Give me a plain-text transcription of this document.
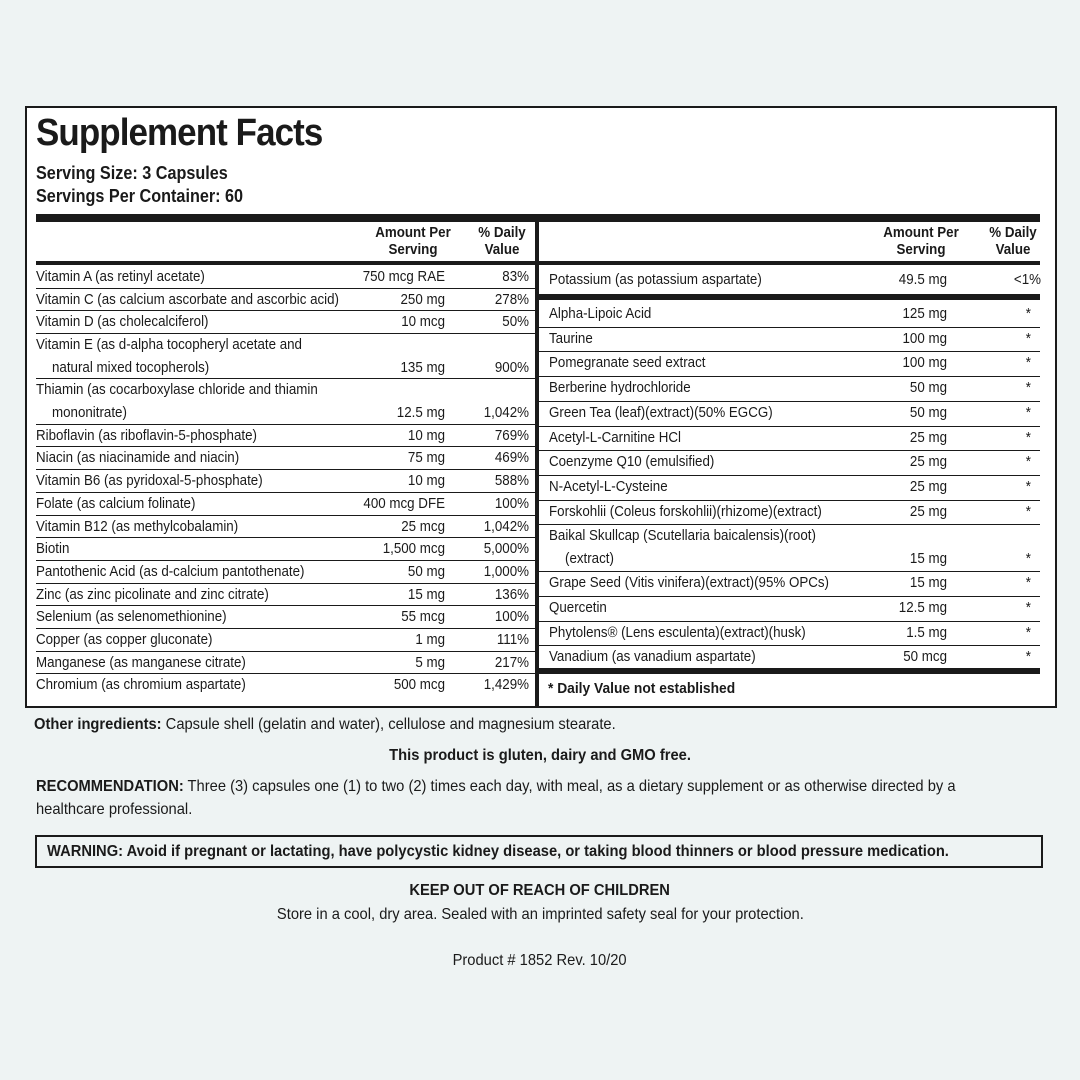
Supplement Facts
Serving Size: 3 Capsules
Servings Per Container: 60
Amount Per
Serving
% Daily
Value
Amount Per
Serving
% Daily
Value
Vitamin A (as retinyl acetate)	750 mcg RAE	83%
Vitamin C (as calcium ascorbate and ascorbic acid)	250 mg	278%
Vitamin D (as cholecalciferol)	10 mcg	50%
Vitamin E (as d-alpha tocopheryl acetate and
natural mixed tocopherols)	135 mg	900%
Thiamin (as cocarboxylase chloride and thiamin
mononitrate)	12.5 mg	1,042%
Riboflavin (as riboflavin-5-phosphate)	10 mg	769%
Niacin (as niacinamide and niacin)	75 mg	469%
Vitamin B6 (as pyridoxal-5-phosphate)	10 mg	588%
Folate (as calcium folinate)	400 mcg DFE	100%
Vitamin B12 (as methylcobalamin)	25 mcg	1,042%
Biotin	1,500 mcg	5,000%
Pantothenic Acid (as d-calcium pantothenate)	50 mg	1,000%
Zinc (as zinc picolinate and zinc citrate)	15 mg	136%
Selenium (as selenomethionine)	55 mcg	100%
Copper (as copper gluconate)	1 mg	111%
Manganese (as manganese citrate)	5 mg	217%
Chromium (as chromium aspartate)	500 mcg	1,429%
Potassium (as potassium aspartate)	49.5 mg	<1%
Alpha-Lipoic Acid	125 mg	*
Taurine	100 mg	*
Pomegranate seed extract	100 mg	*
Berberine hydrochloride	50 mg	*
Green Tea (leaf)(extract)(50% EGCG)	50 mg	*
Acetyl-L-Carnitine HCl	25 mg	*
Coenzyme Q10 (emulsified)	25 mg	*
N-Acetyl-L-Cysteine	25 mg	*
Forskohlii (Coleus forskohlii)(rhizome)(extract)	25 mg	*
Baikal Skullcap (Scutellaria baicalensis)(root)
(extract)	15 mg	*
Grape Seed (Vitis vinifera)(extract)(95% OPCs)	15 mg	*
Quercetin	12.5 mg	*
Phytolens® (Lens esculenta)(extract)(husk)	1.5 mg	*
Vanadium (as vanadium aspartate)	50 mcg	*
* Daily Value not established
Other ingredients: Capsule shell (gelatin and water), cellulose and magnesium stearate.
This product is gluten, dairy and GMO free.
RECOMMENDATION: Three (3) capsules one (1) to two (2) times each day, with meal, as a dietary supplement or as otherwise directed by a
healthcare professional.
WARNING: Avoid if pregnant or lactating, have polycystic kidney disease, or taking blood thinners or blood pressure medication.
KEEP OUT OF REACH OF CHILDREN
Store in a cool, dry area. Sealed with an imprinted safety seal for your protection.
Product # 1852 Rev. 10/20
